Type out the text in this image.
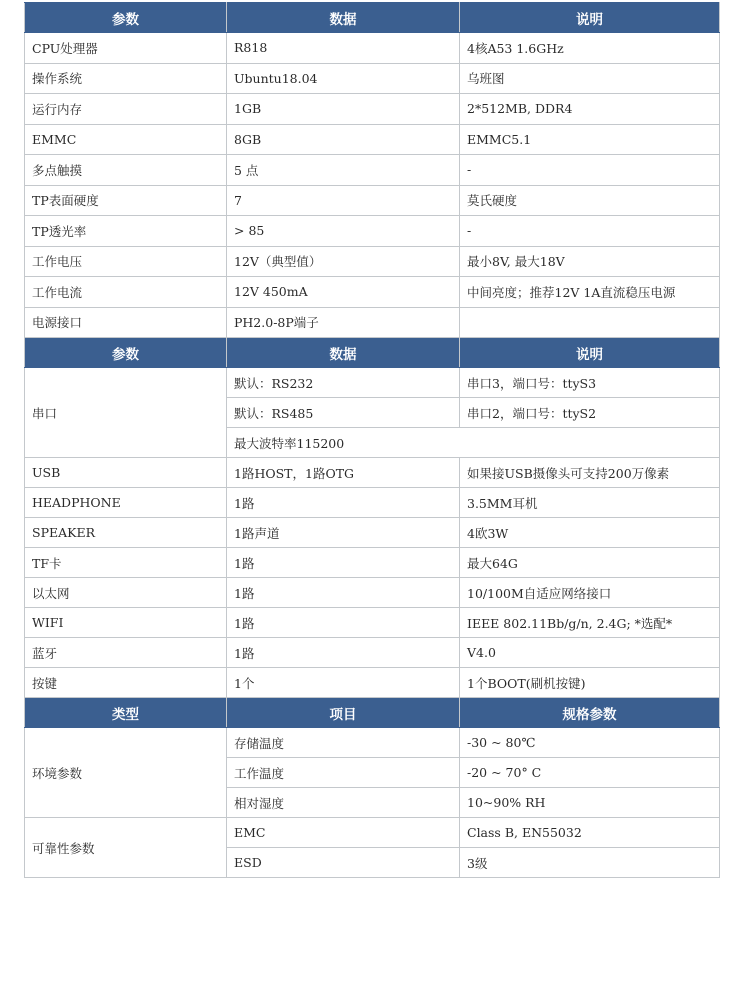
参数	数据	说明
CPU处理器	R818	4核A53 1.6GHz
操作系统	Ubuntu18.04	乌班图
运行内存	1GB	2*512MB, DDR4
EMMC	8GB	EMMC5.1
多点触摸	5 点	-
TP表面硬度	7	莫氏硬度
TP透光率	> 85	-
工作电压	12V（典型值）	最小8V, 最大18V
工作电流	12V 450mA	中间亮度；推荐12V 1A直流稳压电源
电源接口	PH2.0-8P端子	
参数	数据	说明
串口	默认：RS232	串口3，端口号：ttyS3
	默认：RS485	串口2，端口号：ttyS2
	最大波特率115200	
USB	1路HOST，1路OTG	如果接USB摄像头可支持200万像素
HEADPHONE	1路	3.5MM耳机
SPEAKER	1路声道	4欧3W
TF卡	1路	最大64G
以太网	1路	10/100M自适应网络接口
WIFI	1路	IEEE 802.11Bb/g/n, 2.4G; *选配*
蓝牙	1路	V4.0
按键	1个	1个BOOT(刷机按键)
类型	项目	规格参数
环境参数	存储温度	-30 ~ 80℃
	工作温度	-20 ~ 70° C
	相对湿度	10~90% RH
可靠性参数	EMC	Class B, EN55032
	ESD	3级
